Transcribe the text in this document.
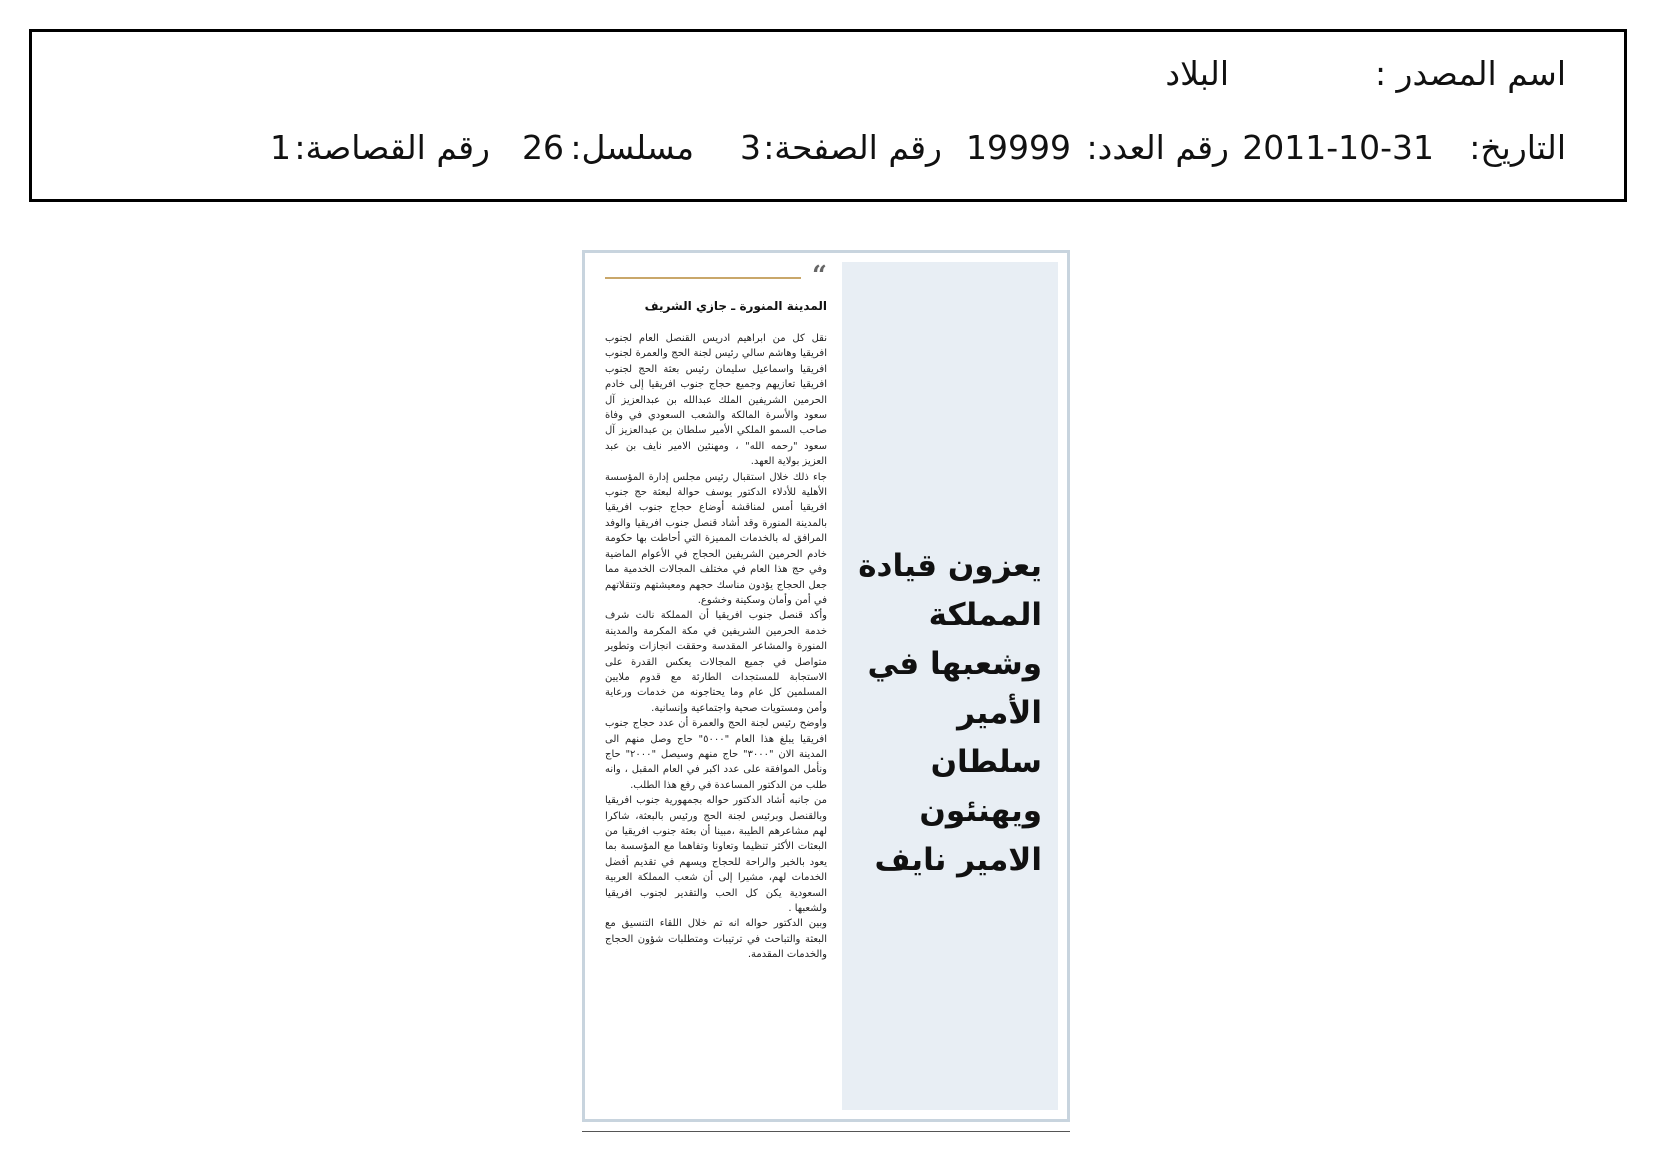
اسم المصدر :
البلاد
التاريخ:
2011-10-31
رقم العدد:
19999
رقم الصفحة:
3
مسلسل:
26
رقم القصاصة:
1
يعزون قيادة
المملكة
وشعبها في
الأمير سلطان
ويهنئون
الامير نايف
“
المدينة المنورة ـ جازي الشريف

نقل كل من ابراهيم ادريس القنصل العام لجنوب افريقيا وهاشم سالي رئيس لجنة الحج والعمرة لجنوب افريقيا واسماعيل سليمان رئيس بعثة الحج لجنوب افريقيا تعازيهم وجميع حجاج جنوب افريقيا إلى خادم الحرمين الشريفين الملك عبدالله بن عبدالعزيز آل سعود والأسرة المالكة والشعب السعودي في وفاة صاحب السمو الملكي الأمير سلطان بن عبدالعزيز آل سعود "رحمه الله" ، ومهنئين الامير نايف بن عبد العزيز بولاية العهد.

جاء ذلك خلال استقبال رئيس مجلس إدارة المؤسسة الأهلية للأدلاء الدكتور يوسف حوالة لبعثة حج جنوب افريقيا أمس لمناقشة أوضاع حجاج جنوب افريقيا بالمدينة المنورة وقد أشاد قنصل جنوب افريقيا والوفد المرافق له بالخدمات المميزة التي أحاطت بها حكومة خادم الحرمين الشريفين الحجاج في الأعوام الماضية وفي حج هذا العام في مختلف المجالات الخدمية مما جعل الحجاج يؤدون مناسك حجهم ومعيشتهم وتنقلاتهم في أمن وأمان وسكينة وخشوع.

وأكد قنصل جنوب افريقيا أن المملكة نالت شرف خدمة الحرمين الشريفين في مكة المكرمة والمدينة المنورة والمشاعر المقدسة وحققت انجازات وتطوير متواصل في جميع المجالات يعكس القدرة على الاستجابة للمستجدات الطارئة مع قدوم ملايين المسلمين كل عام وما يحتاجونه من خدمات ورعاية وأمن ومستويات صحية واجتماعية وإنسانية.

واوضح رئيس لجنة الحج والعمرة أن عدد حجاج جنوب افريقيا يبلغ هذا العام "٥٠٠٠" حاج وصل منهم الى المدينة الان "٣٠٠٠" حاج منهم وسيصل "٢٠٠٠" حاج ونأمل الموافقة على عدد اكبر في العام المقبل ، وانه طلب من الدكتور المساعدة في رفع هذا الطلب.

من جانبه أشاد الدكتور حواله بجمهورية جنوب افريقيا وبالقنصل وبرئيس لجنة الحج ورئيس بالبعثة، شاكرا لهم مشاعرهم الطيبة ،مبينا أن بعثة جنوب افريقيا من البعثات الأكثر تنظيما وتعاونا وتفاهما مع المؤسسة بما يعود بالخير والراحة للحجاج ويسهم في تقديم أفضل الخدمات لهم، مشيرا إلى أن شعب المملكة العربية السعودية يكن كل الحب والتقدير لجنوب افريقيا ولشعبها .

وبين الدكتور حواله انه تم خلال اللقاء التنسيق مع البعثة والتباحث في ترتيبات ومتطلبات شؤون الحجاج والخدمات المقدمة.
